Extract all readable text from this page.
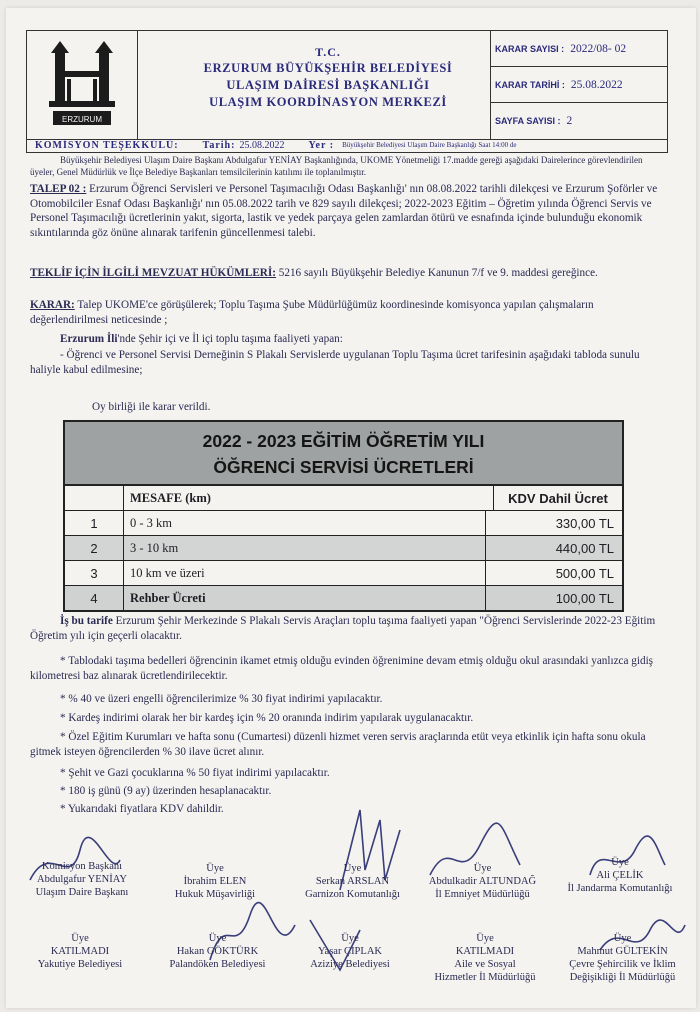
ERZURUM
T.C.
ERZURUM BÜYÜKŞEHİR BELEDİYESİ
ULAŞIM DAİRESİ BAŞKANLIĞI
ULAŞIM KOORDİNASYON MERKEZİ
KARAR SAYISI : 2022/08- 02
KARAR TARİHİ : 25.08.2022
SAYFA SAYISI : 2
KOMİSYON TEŞEKKÜLÜ: Tarih: 25.08.2022 Yer : Büyükşehir Belediyesi Ulaşım Daire Başkanlığı Saat 14:00 de
Büyükşehir Belediyesi Ulaşım Daire Başkanı Abdulgafur YENİAY Başkanlığında, UKOME Yönetmeliği 17.madde gereği aşağıdaki Dairelerince görevlendirilen üyeler, Genel Müdürlük ve İlçe Belediye Başkanları temsilcilerinin katılımı ile toplanılmıştır.
TALEP 02 : Erzurum Öğrenci Servisleri ve Personel Taşımacılığı Odası Başkanlığı' nın 08.08.2022 tarihli dilekçesi ve Erzurum Şoförler ve Otomobilciler Esnaf Odası Başkanlığı' nın 05.08.2022 tarih ve 829 sayılı dilekçesi; 2022-2023 Eğitim – Öğretim yılında Öğrenci Servis ve Personel Taşımacılığı ücretlerinin yakıt, sigorta, lastik ve yedek parçaya gelen zamlardan ötürü ve esnafında içinde bulunduğu ekonomik sıkıntılarında göz önüne alınarak tarifenin güncellenmesi talebi.
TEKLİF İÇİN İLGİLİ MEVZUAT HÜKÜMLERİ: 5216 sayılı Büyükşehir Belediye Kanunun 7/f ve 9. maddesi gereğince.
KARAR: Talep UKOME'ce görüşülerek; Toplu Taşıma Şube Müdürlüğümüz koordinesinde komisyonca yapılan çalışmaların değerlendirilmesi neticesinde ;
Erzurum İli'nde Şehir içi ve İl içi toplu taşıma faaliyeti yapan:
- Öğrenci ve Personel Servisi Derneğinin S Plakalı Servislerde uygulanan Toplu Taşıma ücret tarifesinin aşağıdaki tabloda sunulu haliyle kabul edilmesine;
Oy birliği ile karar verildi.
2022 - 2023 EĞİTİM ÖĞRETİM YILI
ÖĞRENCİ SERVİSİ ÜCRETLERİ
MESAFE (km)	KDV Dahil Ücret
1	0 - 3 km	330,00 TL
2	3 - 10 km	440,00 TL
3	10 km ve üzeri	500,00 TL
4	Rehber Ücreti	100,00 TL
İş bu tarife Erzurum Şehir Merkezinde S Plakalı Servis Araçları toplu taşıma faaliyeti yapan "Öğrenci Servislerinde 2022-23 Eğitim Öğretim yılı için geçerli olacaktır.
* Tablodaki taşıma bedelleri öğrencinin ikamet etmiş olduğu evinden öğrenimine devam etmiş olduğu okul arasındaki yanlızca gidiş kilometresi baz alınarak ücretlendirilecektir.
* % 40 ve üzeri engelli öğrencilerimize % 30 fiyat indirimi yapılacaktır.
* Kardeş indirimi olarak her bir kardeş için % 20 oranında indirim yapılarak uygulanacaktır.
* Özel Eğitim Kurumları ve hafta sonu (Cumartesi) düzenli hizmet veren servis araçlarında etüt veya etkinlik için hafta sonu okula gitmek isteyen öğrencilerden % 30 ilave ücret alınır.
* Şehit ve Gazi çocuklarına % 50 fiyat indirimi yapılacaktır.
* 180 iş günü (9 ay) üzerinden hesaplanacaktır.
* Yukarıdaki fiyatlara KDV dahildir.
Komisyon Başkanı
Abdulgafur YENİAY
Ulaşım Daire Başkanı
Üye
İbrahim ELEN
Hukuk Müşavirliği
Üye
Serkan ARSLAN
Garnizon Komutanlığı
Üye
Abdulkadir ALTUNDAĞ
İl Emniyet Müdürlüğü
Üye
Ali ÇELİK
İl Jandarma Komutanlığı
Üye
KATILMADI
Yakutiye Belediyesi
Üye
Hakan GÖKTÜRK
Palandöken Belediyesi
Üye
Yaşar ÇIPLAK
Aziziye Belediyesi
Üye
KATILMADI
Aile ve Sosyal
Hizmetler İl Müdürlüğü
Üye
Mahmut GÜLTEKİN
Çevre Şehircilik ve İklim
Değişikliği İl Müdürlüğü
